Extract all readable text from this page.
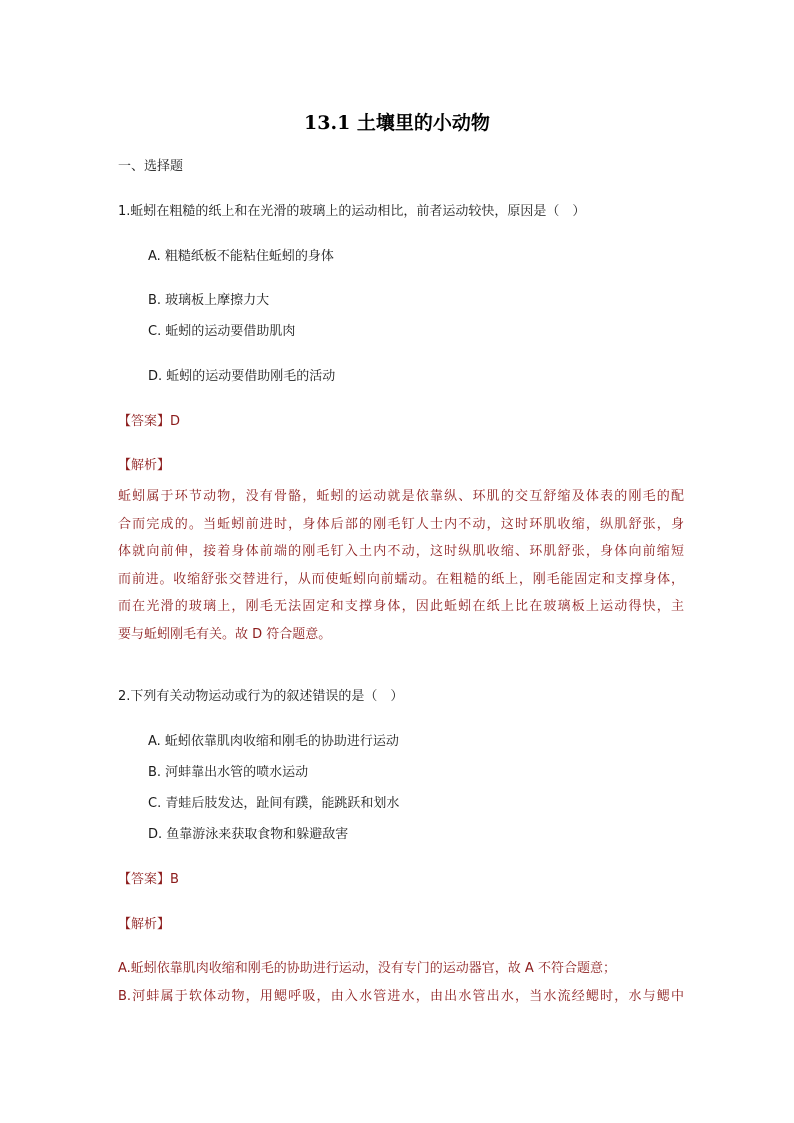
13.1 土壤里的小动物
一、选择题
1.蚯蚓在粗糙的纸上和在光滑的玻璃上的运动相比，前者运动较快，原因是（　）
A. 粗糙纸板不能粘住蚯蚓的身体
B. 玻璃板上摩擦力大
C. 蚯蚓的运动要借助肌肉
D. 蚯蚓的运动要借助刚毛的活动
【答案】D
【解析】
蚯蚓属于环节动物，没有骨骼，蚯蚓的运动就是依靠纵、环肌的交互舒缩及体表的刚毛的配
合而完成的。当蚯蚓前进时，身体后部的刚毛钉人士内不动，这时环肌收缩，纵肌舒张，身
体就向前伸，接着身体前端的刚毛钉入土内不动，这时纵肌收缩、环肌舒张，身体向前缩短
而前进。收缩舒张交替进行，从而使蚯蚓向前蠕动。在粗糙的纸上，刚毛能固定和支撑身体，
而在光滑的玻璃上，刚毛无法固定和支撑身体，因此蚯蚓在纸上比在玻璃板上运动得快，主
要与蚯蚓刚毛有关。故 D 符合题意。
2.下列有关动物运动或行为的叙述错误的是（　）
A. 蚯蚓依靠肌肉收缩和刚毛的协助进行运动
B. 河蚌靠出水管的喷水运动
C. 青蛙后肢发达，趾间有蹼，能跳跃和划水
D. 鱼靠游泳来获取食物和躲避敌害
【答案】B
【解析】
A.蚯蚓依靠肌肉收缩和刚毛的协助进行运动，没有专门的运动器官，故 A 不符合题意；
B.河蚌属于软体动物，用鳃呼吸，由入水管进水，由出水管出水，当水流经鳃时，水与鳃中
